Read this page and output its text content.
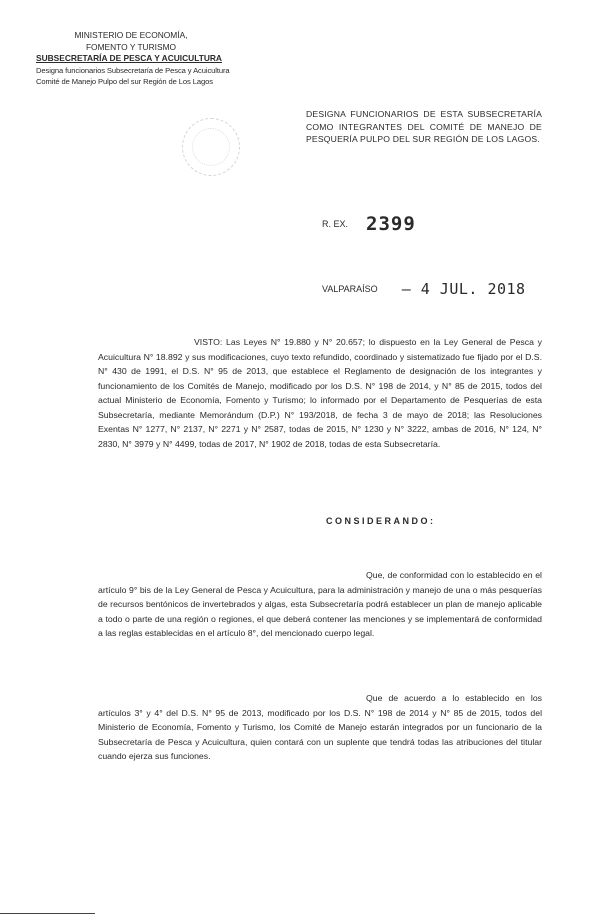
MINISTERIO DE ECONOMÍA,
FOMENTO Y TURISMO
SUBSECRETARÍA DE PESCA Y ACUICULTURA
Designa funcionarios Subsecretaría de Pesca y Acuicultura
Comité de Manejo Pulpo del sur Región de Los Lagos
DESIGNA FUNCIONARIOS DE ESTA SUBSECRETARÍA COMO INTEGRANTES DEL COMITÉ DE MANEJO DE PESQUERÍA PULPO DEL SUR REGIÓN DE LOS LAGOS.
R. EX. 2399
VALPARAÍSO – 4 JUL. 2018
VISTO: Las Leyes N° 19.880 y N° 20.657; lo dispuesto en la Ley General de Pesca y Acuicultura N° 18.892 y sus modificaciones, cuyo texto refundido, coordinado y sistematizado fue fijado por el D.S. N° 430 de 1991, el D.S. N° 95 de 2013, que establece el Reglamento de designación de los integrantes y funcionamiento de los Comités de Manejo, modificado por los D.S. N° 198 de 2014, y N° 85 de 2015, todos del actual Ministerio de Economía, Fomento y Turismo; lo informado por el Departamento de Pesquerías de esta Subsecretaría, mediante Memorándum (D.P.) N° 193/2018, de fecha 3 de mayo de 2018; las Resoluciones Exentas N° 1277, N° 2137, N° 2271 y N° 2587, todas de 2015, N° 1230 y N° 3222, ambas de 2016, N° 124, N° 2830, N° 3979 y N° 4499, todas de 2017, N° 1902 de 2018, todas de esta Subsecretaría.
CONSIDERANDO:
Que, de conformidad con lo establecido en el artículo 9° bis de la Ley General de Pesca y Acuicultura, para la administración y manejo de una o más pesquerías de recursos bentónicos de invertebrados y algas, esta Subsecretaría podrá establecer un plan de manejo aplicable a todo o parte de una región o regiones, el que deberá contener las menciones y se implementará de conformidad a las reglas establecidas en el artículo 8°, del mencionado cuerpo legal.
Que de acuerdo a lo establecido en los artículos 3° y 4° del D.S. N° 95 de 2013, modificado por los D.S. N° 198 de 2014 y N° 85 de 2015, todos del Ministerio de Economía, Fomento y Turismo, los Comité de Manejo estarán integrados por un funcionario de la Subsecretaría de Pesca y Acuicultura, quien contará con un suplente que tendrá todas las atribuciones del titular cuando ejerza sus funciones.
